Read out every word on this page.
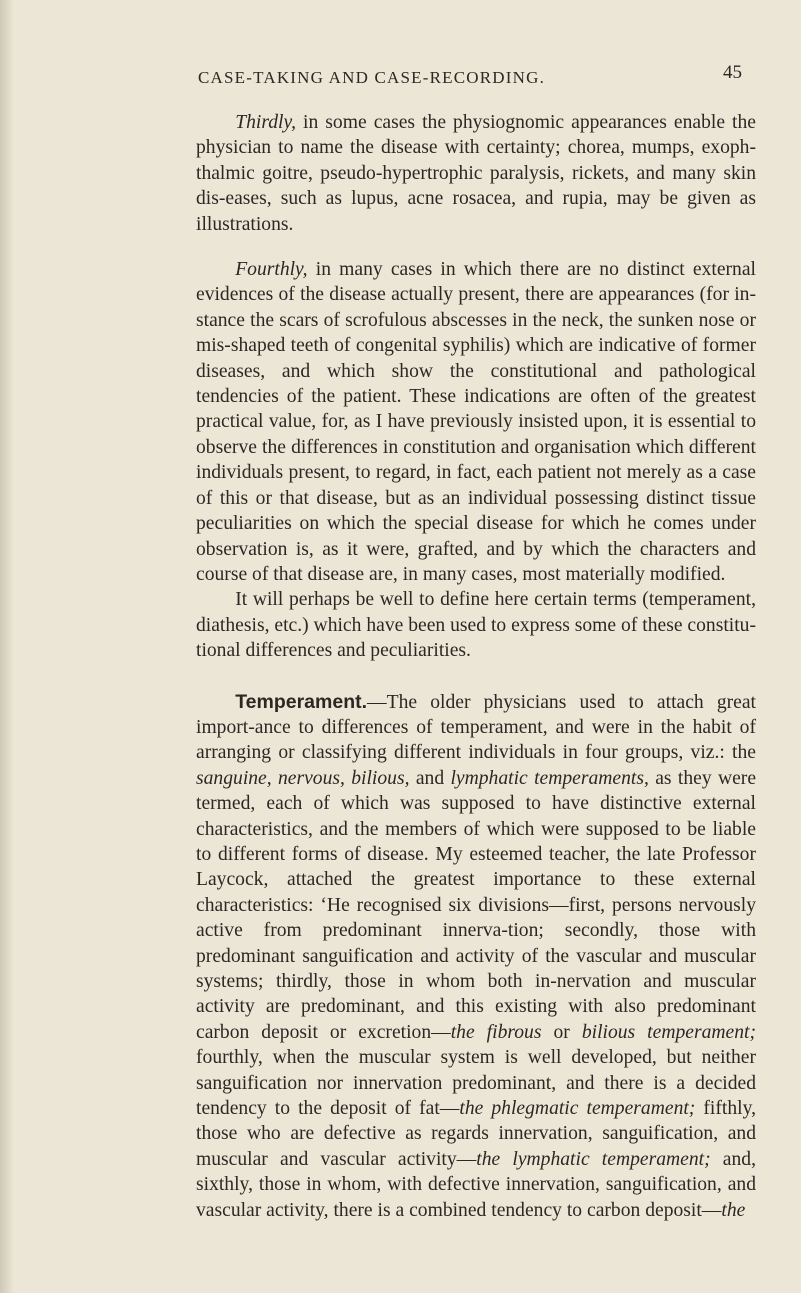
CASE-TAKING AND CASE-RECORDING.	45

Thirdly, in some cases the physiognomic appearances enable the physician to name the disease with certainty; chorea, mumps, exoph-thalmic goitre, pseudo-hypertrophic paralysis, rickets, and many skin dis-eases, such as lupus, acne rosacea, and rupia, may be given as illustrations.

Fourthly, in many cases in which there are no distinct external evidences of the disease actually present, there are appearances (for in-stance the scars of scrofulous abscesses in the neck, the sunken nose or mis-shaped teeth of congenital syphilis) which are indicative of former diseases, and which show the constitutional and pathological tendencies of the patient. These indications are often of the greatest practical value, for, as I have previously insisted upon, it is essential to observe the differences in constitution and organisation which different individuals present, to regard, in fact, each patient not merely as a case of this or that disease, but as an individual possessing distinct tissue peculiarities on which the special disease for which he comes under observation is, as it were, grafted, and by which the characters and course of that disease are, in many cases, most materially modified.

It will perhaps be well to define here certain terms (temperament, diathesis, etc.) which have been used to express some of these constitu-tional differences and peculiarities.

Temperament.—The older physicians used to attach great import-ance to differences of temperament, and were in the habit of arranging or classifying different individuals in four groups, viz.: the sanguine, nervous, bilious, and lymphatic temperaments, as they were termed, each of which was supposed to have distinctive external characteristics, and the members of which were supposed to be liable to different forms of disease. My esteemed teacher, the late Professor Laycock, attached the greatest importance to these external characteristics: ‘He recognised six divisions—first, persons nervously active from predominant innerva-tion; secondly, those with predominant sanguification and activity of the vascular and muscular systems; thirdly, those in whom both in-nervation and muscular activity are predominant, and this existing with also predominant carbon deposit or excretion—the fibrous or bilious temperament; fourthly, when the muscular system is well developed, but neither sanguification nor innervation predominant, and there is a decided tendency to the deposit of fat—the phlegmatic temperament; fifthly, those who are defective as regards innervation, sanguification, and muscular and vascular activity—the lymphatic temperament; and, sixthly, those in whom, with defective innervation, sanguification, and vascular activity, there is a combined tendency to carbon deposit—the
